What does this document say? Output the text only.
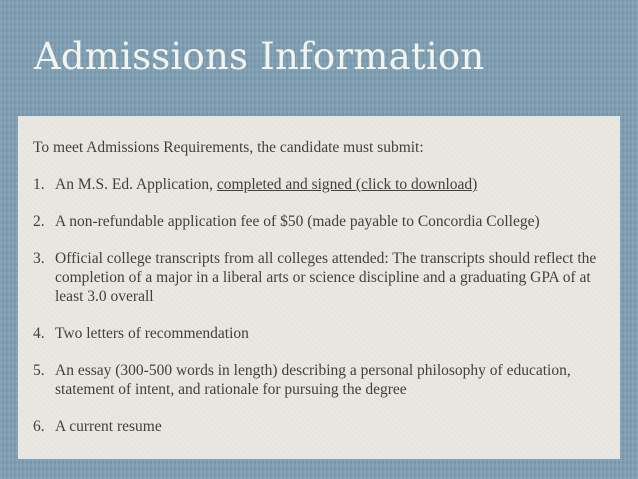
Admissions Information

To meet Admissions Requirements, the candidate must submit:

1. An M.S. Ed. Application, completed and signed (click to download)
2. A non-refundable application fee of $50 (made payable to Concordia College)
3. Official college transcripts from all colleges attended: The transcripts should reflect the completion of a major in a liberal arts or science discipline and a graduating GPA of at least 3.0 overall
4. Two letters of recommendation
5. An essay (300-500 words in length) describing a personal philosophy of education, statement of intent, and rationale for pursuing the degree
6. A current resume
